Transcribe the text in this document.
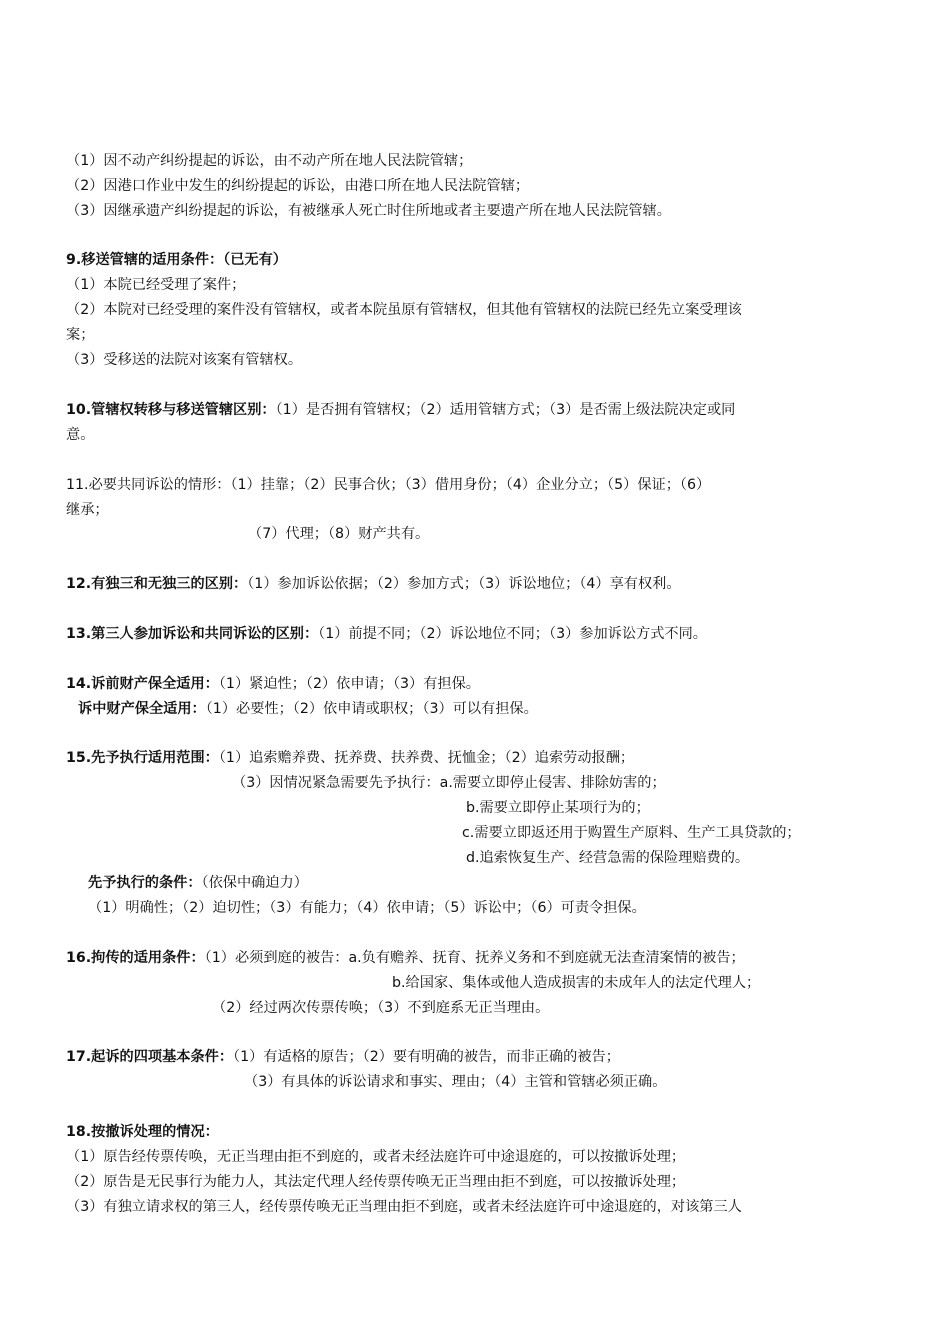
（1）因不动产纠纷提起的诉讼，由不动产所在地人民法院管辖；
（2）因港口作业中发生的纠纷提起的诉讼，由港口所在地人民法院管辖；
（3）因继承遗产纠纷提起的诉讼，有被继承人死亡时住所地或者主要遗产所在地人民法院管辖。
9.移送管辖的适用条件：（已无有）
（1）本院已经受理了案件；
（2）本院对已经受理的案件没有管辖权，或者本院虽原有管辖权，但其他有管辖权的法院已经先立案受理该
案；
（3）受移送的法院对该案有管辖权。
10.管辖权转移与移送管辖区别：（1）是否拥有管辖权；（2）适用管辖方式；（3）是否需上级法院决定或同
意。
11.必要共同诉讼的情形：（1）挂靠；（2）民事合伙；（3）借用身份；（4）企业分立；（5）保证；（6）
继承；
（7）代理；（8）财产共有。
12.有独三和无独三的区别：（1）参加诉讼依据；（2）参加方式；（3）诉讼地位；（4）享有权利。
13.第三人参加诉讼和共同诉讼的区别：（1）前提不同；（2）诉讼地位不同；（3）参加诉讼方式不同。
14.诉前财产保全适用：（1）紧迫性；（2）依申请；（3）有担保。
诉中财产保全适用：（1）必要性；（2）依申请或职权；（3）可以有担保。
15.先予执行适用范围：（1）追索赡养费、抚养费、扶养费、抚恤金；（2）追索劳动报酬；
（3）因情况紧急需要先予执行：a.需要立即停止侵害、排除妨害的；
b.需要立即停止某项行为的；
c.需要立即返还用于购置生产原料、生产工具贷款的；
d.追索恢复生产、经营急需的保险理赔费的。
先予执行的条件：（依保中确迫力）
（1）明确性；（2）迫切性；（3）有能力；（4）依申请；（5）诉讼中；（6）可责令担保。
16.拘传的适用条件：（1）必须到庭的被告：a.负有赡养、抚育、抚养义务和不到庭就无法查清案情的被告；
b.给国家、集体或他人造成损害的未成年人的法定代理人；
（2）经过两次传票传唤；（3）不到庭系无正当理由。
17.起诉的四项基本条件：（1）有适格的原告；（2）要有明确的被告，而非正确的被告；
（3）有具体的诉讼请求和事实、理由；（4）主管和管辖必须正确。
18.按撤诉处理的情况：
（1）原告经传票传唤，无正当理由拒不到庭的，或者未经法庭许可中途退庭的，可以按撤诉处理；
（2）原告是无民事行为能力人，其法定代理人经传票传唤无正当理由拒不到庭，可以按撤诉处理；
（3）有独立请求权的第三人，经传票传唤无正当理由拒不到庭，或者未经法庭许可中途退庭的，对该第三人
